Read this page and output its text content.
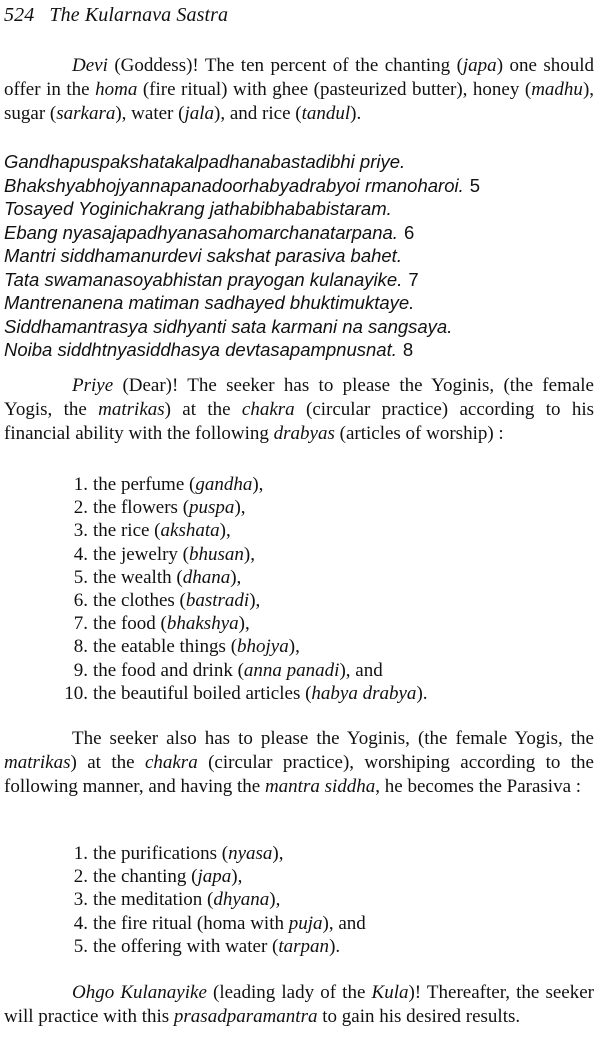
524 The Kularnava Sastra

Devi (Goddess)! The ten percent of the chanting (japa) one should offer in the homa (fire ritual) with ghee (pasteurized butter), honey (madhu), sugar (sarkara), water (jala), and rice (tandul).

Gandhapuspakshatakalpadhanabastadibhi priye.
Bhakshyabhojyannapanadoorhabyadrabyoi rmanoharoi. 5
Tosayed Yoginichakrang jathabibhababistaram.
Ebang nyasajapadhyanasahomarchanatarpana. 6
Mantri siddhamanurdevi sakshat parasiva bahet.
Tata swamanasoyabhistan prayogan kulanayike. 7
Mantrenanena matiman sadhayed bhuktimuktaye.
Siddhamantrasya sidhyanti sata karmani na sangsaya.
Noiba siddhtnyasiddhasya devtasapampnusnat. 8

Priye (Dear)! The seeker has to please the Yoginis, (the female Yogis, the matrikas) at the chakra (circular practice) according to his financial ability with the following drabyas (articles of worship) :

1. the perfume (gandha),
2. the flowers (puspa),
3. the rice (akshata),
4. the jewelry (bhusan),
5. the wealth (dhana),
6. the clothes (bastradi),
7. the food (bhakshya),
8. the eatable things (bhojya),
9. the food and drink (anna panadi), and
10. the beautiful boiled articles (habya drabya).

The seeker also has to please the Yoginis, (the female Yogis, the matrikas) at the chakra (circular practice), worshiping according to the following manner, and having the mantra siddha, he becomes the Parasiva :

1. the purifications (nyasa),
2. the chanting (japa),
3. the meditation (dhyana),
4. the fire ritual (homa with puja), and
5. the offering with water (tarpan).

Ohgo Kulanayike (leading lady of the Kula)! Thereafter, the seeker will practice with this prasadparamantra to gain his desired results.
